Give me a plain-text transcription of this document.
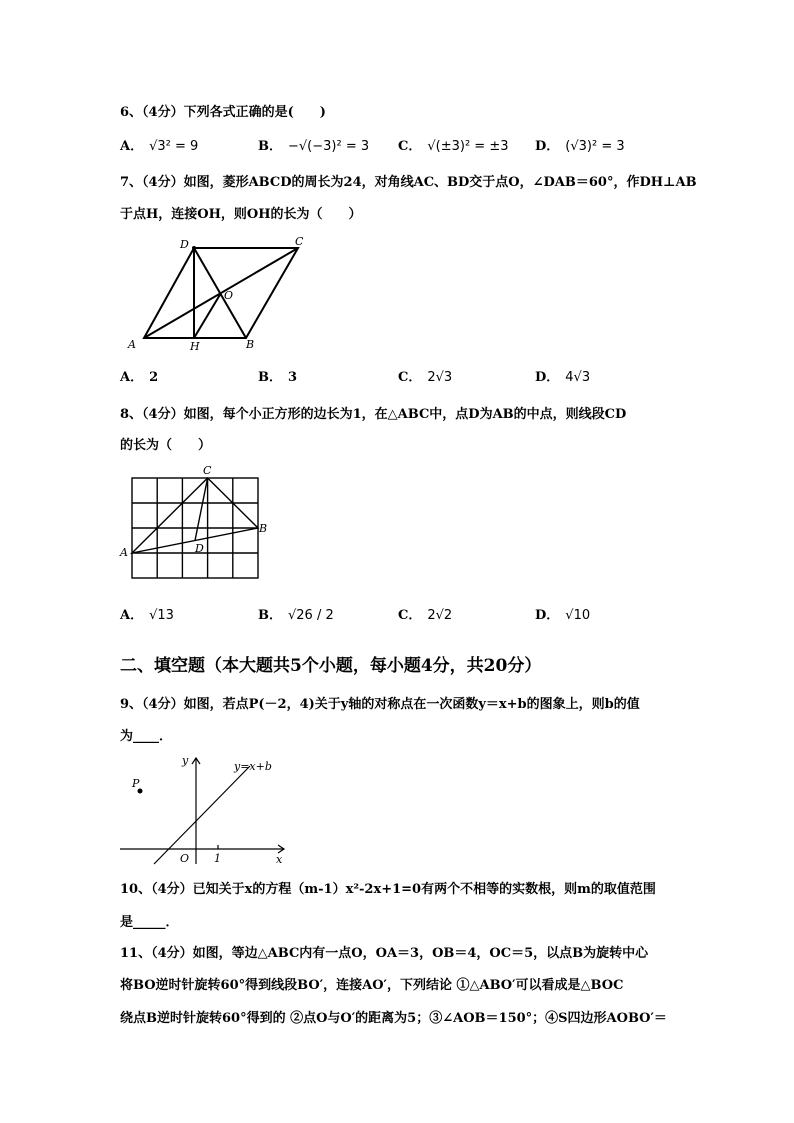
6、（4分）下列各式正确的是(　　)
A． √3² = 9	B． −√(−3)² = 3 C． √(±3)² = ±3 D． (√3)² = 3
7、（4分）如图，菱形ABCD的周长为24，对角线AC、BD交于点O，∠DAB＝60°，作DH⊥AB
于点H，连接OH，则OH的长为（　　）
A	B
C
D
O
H
A． 2	B． 3	C． 2√3	D． 4√3
8、（4分）如图，每个小正方形的边长为1，在△ABC中，点D为AB的中点，则线段CD
的长为（　　）
A
B
C
D
A． √13	B． √26 / 2	C． 2√2	D． √10
二、填空题（本大题共5个小题，每小题4分，共20分）
9、（4分）如图，若点P(－2，4)关于y轴的对称点在一次函数y＝x+b的图象上，则b的值
为____．
P
y
x
O 1
y=x+b
10、（4分）已知关于x的方程（m-1）x²-2x+1=0有两个不相等的实数根，则m的取值范围
是_____．
11、（4分）如图，等边△ABC内有一点O，OA＝3，OB＝4，OC＝5，以点B为旋转中心
将BO逆时针旋转60°得到线段BO′，连接AO′，下列结论 ①△ABO′可以看成是△BOC
绕点B逆时针旋转60°得到的 ②点O与O′的距离为5；③∠AOB＝150°；④S四边形AOBO′＝
